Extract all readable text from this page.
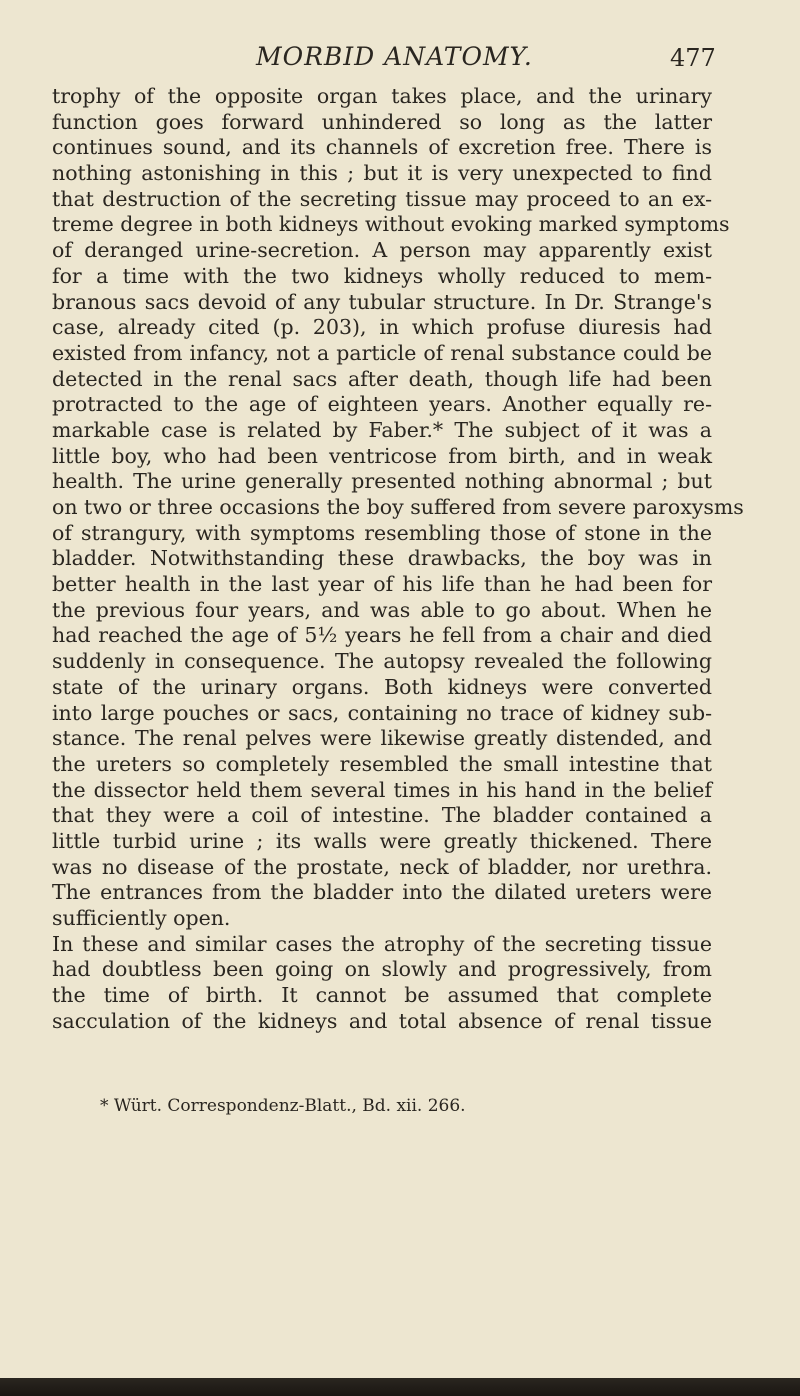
MORBID ANATOMY.	477
trophy of the opposite organ takes place, and the urinary
function goes forward unhindered so long as the latter
continues sound, and its channels of excretion free. There is
nothing astonishing in this ; but it is very unexpected to find
that destruction of the secreting tissue may proceed to an ex-
treme degree in both kidneys without evoking marked symptoms
of deranged urine-secretion. A person may apparently exist
for a time with the two kidneys wholly reduced to mem-
branous sacs devoid of any tubular structure. In Dr. Strange's
case, already cited (p. 203), in which profuse diuresis had
existed from infancy, not a particle of renal substance could be
detected in the renal sacs after death, though life had been
protracted to the age of eighteen years. Another equally re-
markable case is related by Faber.* The subject of it was a
little boy, who had been ventricose from birth, and in weak
health. The urine generally presented nothing abnormal ; but
on two or three occasions the boy suffered from severe paroxysms
of strangury, with symptoms resembling those of stone in the
bladder. Notwithstanding these drawbacks, the boy was in
better health in the last year of his life than he had been for
the previous four years, and was able to go about. When he
had reached the age of 5½ years he fell from a chair and died
suddenly in consequence. The autopsy revealed the following
state of the urinary organs. Both kidneys were converted
into large pouches or sacs, containing no trace of kidney sub-
stance. The renal pelves were likewise greatly distended, and
the ureters so completely resembled the small intestine that
the dissector held them several times in his hand in the belief
that they were a coil of intestine. The bladder contained a
little turbid urine ; its walls were greatly thickened. There
was no disease of the prostate, neck of bladder, nor urethra.
The entrances from the bladder into the dilated ureters were
sufficiently open.
In these and similar cases the atrophy of the secreting tissue
had doubtless been going on slowly and progressively, from
the time of birth. It cannot be assumed that complete
sacculation of the kidneys and total absence of renal tissue
* Würt. Correspondenz-Blatt., Bd. xii. 266.
